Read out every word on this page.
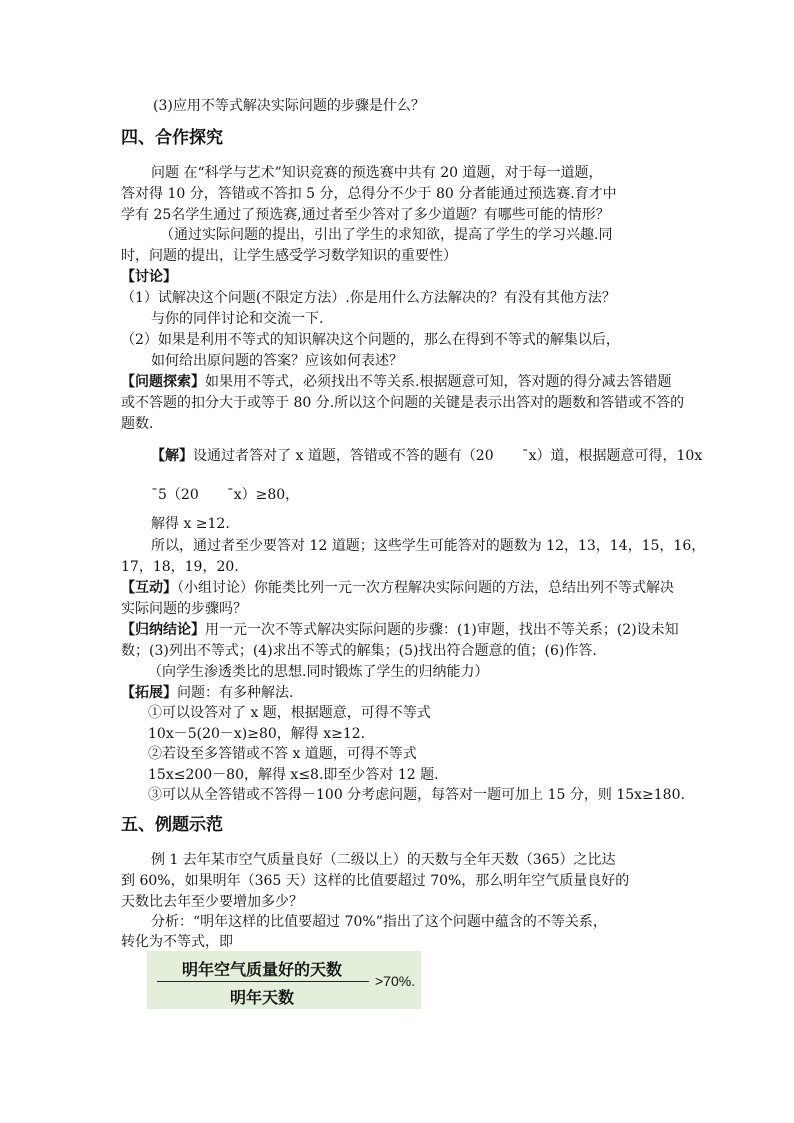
(3)应用不等式解决实际问题的步骤是什么？
四、合作探究
问题 在“科学与艺术”知识竞赛的预选赛中共有 20 道题，对于每一道题，
答对得 10 分，答错或不答扣 5 分，总得分不少于 80 分者能通过预选赛.育才中
学有 25名学生通过了预选赛,通过者至少答对了多少道题？有哪些可能的情形？
（通过实际问题的提出，引出了学生的求知欲，提高了学生的学习兴趣.同
时，问题的提出，让学生感受学习数学知识的重要性）
【讨论】
（1）试解决这个问题(不限定方法）.你是用什么方法解决的？有没有其他方法？
与你的同伴讨论和交流一下.
（2）如果是利用不等式的知识解决这个问题的，那么在得到不等式的解集以后，
如何给出原问题的答案？应该如何表述？
【问题探索】如果用不等式，必须找出不等关系.根据题意可知，答对题的得分减去答错题
或不答题的扣分大于或等于 80 分.所以这个问题的关键是表示出答对的题数和答错或不答的
题数.
【解】设通过者答对了 x 道题，答错或不答的题有（20　　¯x）道，根据题意可得，10x
¯5（20　　¯x）≥80，
解得 x ≥12.
所以，通过者至少要答对 12 道题；这些学生可能答对的题数为 12，13，14，15，16，
17，18，19，20.
【互动】（小组讨论）你能类比列一元一次方程解决实际问题的方法，总结出列不等式解决
实际问题的步骤吗？
【归纳结论】用一元一次不等式解决实际问题的步骤：(1)审题，找出不等关系；(2)设未知
数；(3)列出不等式；(4)求出不等式的解集；(5)找出符合题意的值；(6)作答.
（向学生渗透类比的思想.同时锻炼了学生的归纳能力）
【拓展】问题：有多种解法.
①可以设答对了 x 题，根据题意，可得不等式
10x－5(20－x)≥80，解得 x≥12.
②若设至多答错或不答 x 道题，可得不等式
15x≤200－80，解得 x≤8.即至少答对 12 题.
③可以从全答错或不答得－100 分考虑问题，每答对一题可加上 15 分，则 15x≥180.
五、例题示范
例 1 去年某市空气质量良好（二级以上）的天数与全年天数（365）之比达
到 60%，如果明年（365 天）这样的比值要超过 70%，那么明年空气质量良好的
天数比去年至少要增加多少？
分析：“明年这样的比值要超过 70%”指出了这个问题中蕴含的不等关系，
转化为不等式，即
明年空气质量好的天数
明年天数
>70%.
